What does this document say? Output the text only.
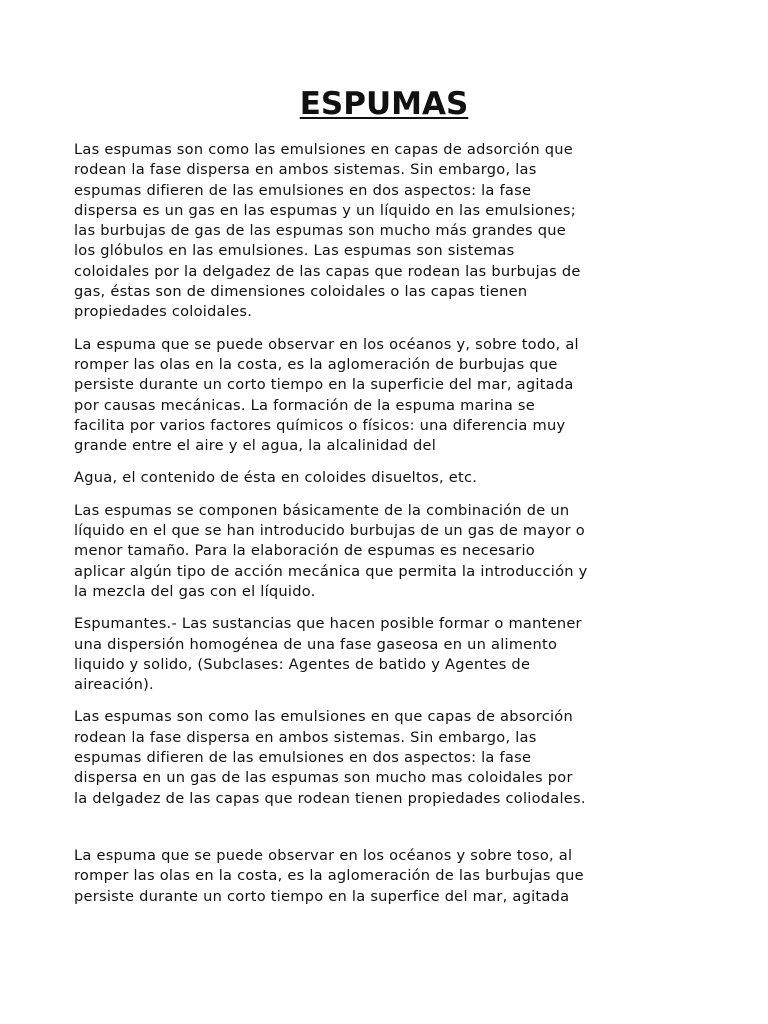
ESPUMAS

Las espumas son como las emulsiones en capas de adsorción que
rodean la fase dispersa en ambos sistemas. Sin embargo, las
espumas difieren de las emulsiones en dos aspectos: la fase
dispersa es un gas en las espumas y un líquido en las emulsiones;
las burbujas de gas de las espumas son mucho más grandes que
los glóbulos en las emulsiones. Las espumas son sistemas
coloidales por la delgadez de las capas que rodean las burbujas de
gas, éstas son de dimensiones coloidales o las capas tienen
propiedades coloidales.

La espuma que se puede observar en los océanos y, sobre todo, al
romper las olas en la costa, es la aglomeración de burbujas que
persiste durante un corto tiempo en la superficie del mar, agitada
por causas mecánicas. La formación de la espuma marina se
facilita por varios factores químicos o físicos: una diferencia muy
grande entre el aire y el agua, la alcalinidad del

Agua, el contenido de ésta en coloides disueltos, etc.

Las espumas se componen básicamente de la combinación de un
líquido en el que se han introducido burbujas de un gas de mayor o
menor tamaño. Para la elaboración de espumas es necesario
aplicar algún tipo de acción mecánica que permita la introducción y
la mezcla del gas con el líquido.

Espumantes.- Las sustancias que hacen posible formar o mantener
una dispersión homogénea de una fase gaseosa en un alimento
liquido y solido, (Subclases: Agentes de batido y Agentes de
aireación).

Las espumas son como las emulsiones en que capas de absorción
rodean la fase dispersa en ambos sistemas. Sin embargo, las
espumas difieren de las emulsiones en dos aspectos: la fase
dispersa en un gas de las espumas son mucho mas coloidales por
la delgadez de las capas que rodean tienen propiedades coliodales.

La espuma que se puede observar en los océanos y sobre toso, al
romper las olas en la costa, es la aglomeración de las burbujas que
persiste durante un corto tiempo en la superfice del mar, agitada
